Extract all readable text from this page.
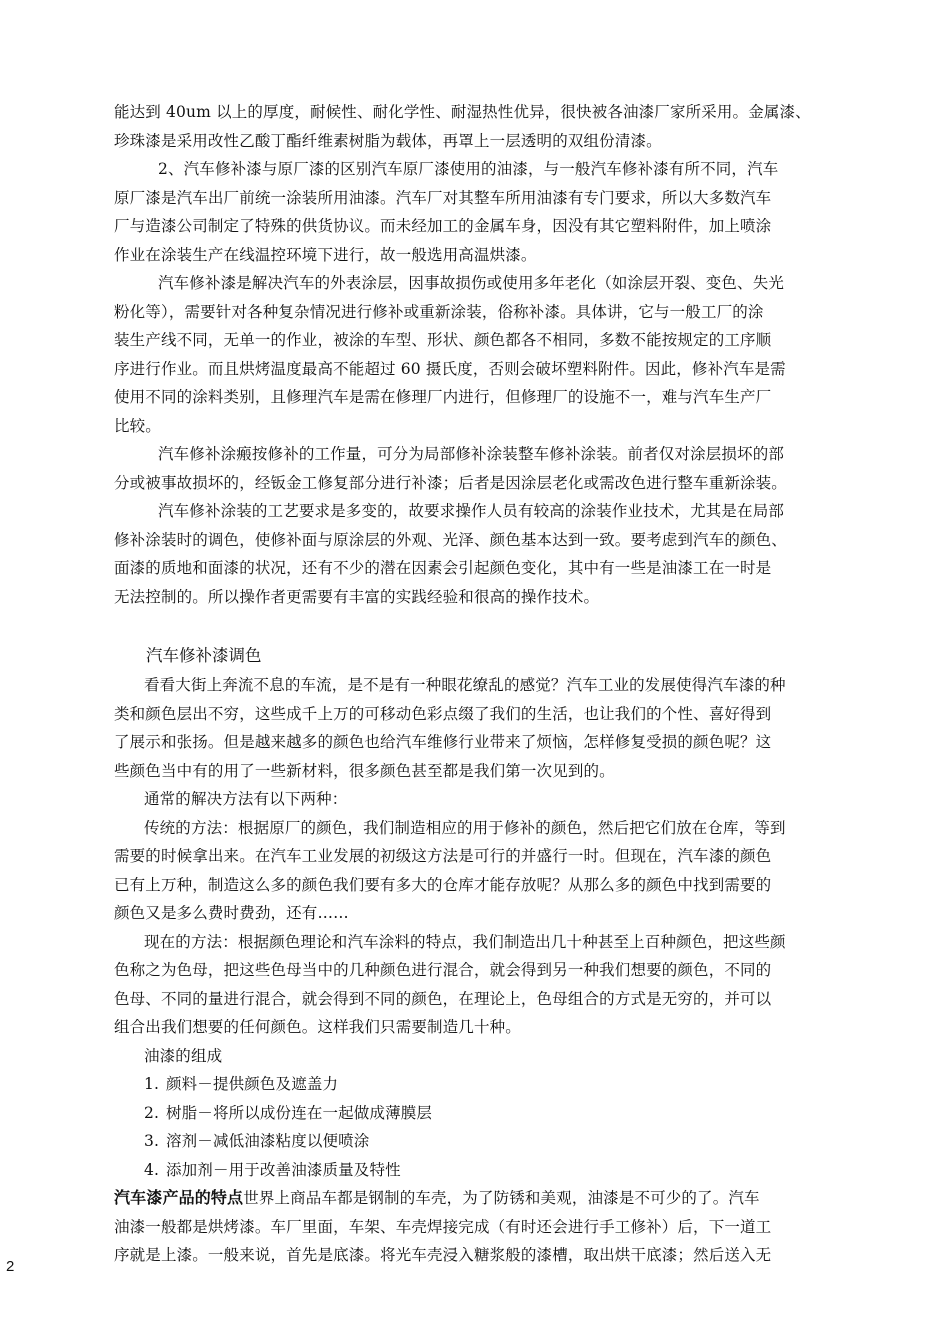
能达到 40um 以上的厚度，耐候性、耐化学性、耐湿热性优异，很快被各油漆厂家所采用。金属漆、
珍珠漆是采用改性乙酸丁酯纤维素树脂为载体，再罩上一层透明的双组份清漆。
2、汽车修补漆与原厂漆的区别汽车原厂漆使用的油漆，与一般汽车修补漆有所不同，汽车
原厂漆是汽车出厂前统一涂装所用油漆。汽车厂对其整车所用油漆有专门要求，所以大多数汽车
厂与造漆公司制定了特殊的供货协议。而未经加工的金属车身，因没有其它塑料附件，加上喷涂
作业在涂装生产在线温控环境下进行，故一般选用高温烘漆。
汽车修补漆是解决汽车的外表涂层，因事故损伤或使用多年老化（如涂层开裂、变色、失光
粉化等），需要针对各种复杂情况进行修补或重新涂装，俗称补漆。具体讲，它与一般工厂的涂
装生产线不同，无单一的作业，被涂的车型、形状、颜色都各不相同，多数不能按规定的工序顺
序进行作业。而且烘烤温度最高不能超过 60 摄氏度，否则会破坏塑料附件。因此，修补汽车是需
使用不同的涂料类别，且修理汽车是需在修理厂内进行，但修理厂的设施不一，难与汽车生产厂
比较。
汽车修补涂瘢按修补的工作量，可分为局部修补涂装整车修补涂装。前者仅对涂层损坏的部
分或被事故损坏的，经钣金工修复部分进行补漆；后者是因涂层老化或需改色进行整车重新涂装。
汽车修补涂装的工艺要求是多变的，故要求操作人员有较高的涂装作业技术，尤其是在局部
修补涂装时的调色，使修补面与原涂层的外观、光泽、颜色基本达到一致。要考虑到汽车的颜色、
面漆的质地和面漆的状况，还有不少的潜在因素会引起颜色变化，其中有一些是油漆工在一时是
无法控制的。所以操作者更需要有丰富的实践经验和很高的操作技术。
汽车修补漆调色
看看大街上奔流不息的车流，是不是有一种眼花缭乱的感觉？汽车工业的发展使得汽车漆的种
类和颜色层出不穷，这些成千上万的可移动色彩点缀了我们的生活，也让我们的个性、喜好得到
了展示和张扬。但是越来越多的颜色也给汽车维修行业带来了烦恼，怎样修复受损的颜色呢？这
些颜色当中有的用了一些新材料，很多颜色甚至都是我们第一次见到的。
通常的解决方法有以下两种：
传统的方法：根据原厂的颜色，我们制造相应的用于修补的颜色，然后把它们放在仓库，等到
需要的时候拿出来。在汽车工业发展的初级这方法是可行的并盛行一时。但现在，汽车漆的颜色
已有上万种，制造这么多的颜色我们要有多大的仓库才能存放呢？从那么多的颜色中找到需要的
颜色又是多么费时费劲，还有……
现在的方法：根据颜色理论和汽车涂料的特点，我们制造出几十种甚至上百种颜色，把这些颜
色称之为色母，把这些色母当中的几种颜色进行混合，就会得到另一种我们想要的颜色，不同的
色母、不同的量进行混合，就会得到不同的颜色，在理论上，色母组合的方式是无穷的，并可以
组合出我们想要的任何颜色。这样我们只需要制造几十种。
油漆的组成
1. 颜料－提供颜色及遮盖力
2. 树脂－将所以成份连在一起做成薄膜层
3. 溶剂－减低油漆粘度以便喷涂
4. 添加剂－用于改善油漆质量及特性
汽车漆产品的特点世界上商品车都是钢制的车壳，为了防锈和美观，油漆是不可少的了。汽车
油漆一般都是烘烤漆。车厂里面，车架、车壳焊接完成（有时还会进行手工修补）后，下一道工
序就是上漆。一般来说，首先是底漆。将光车壳浸入糖浆般的漆槽，取出烘干底漆；然后送入无
2
